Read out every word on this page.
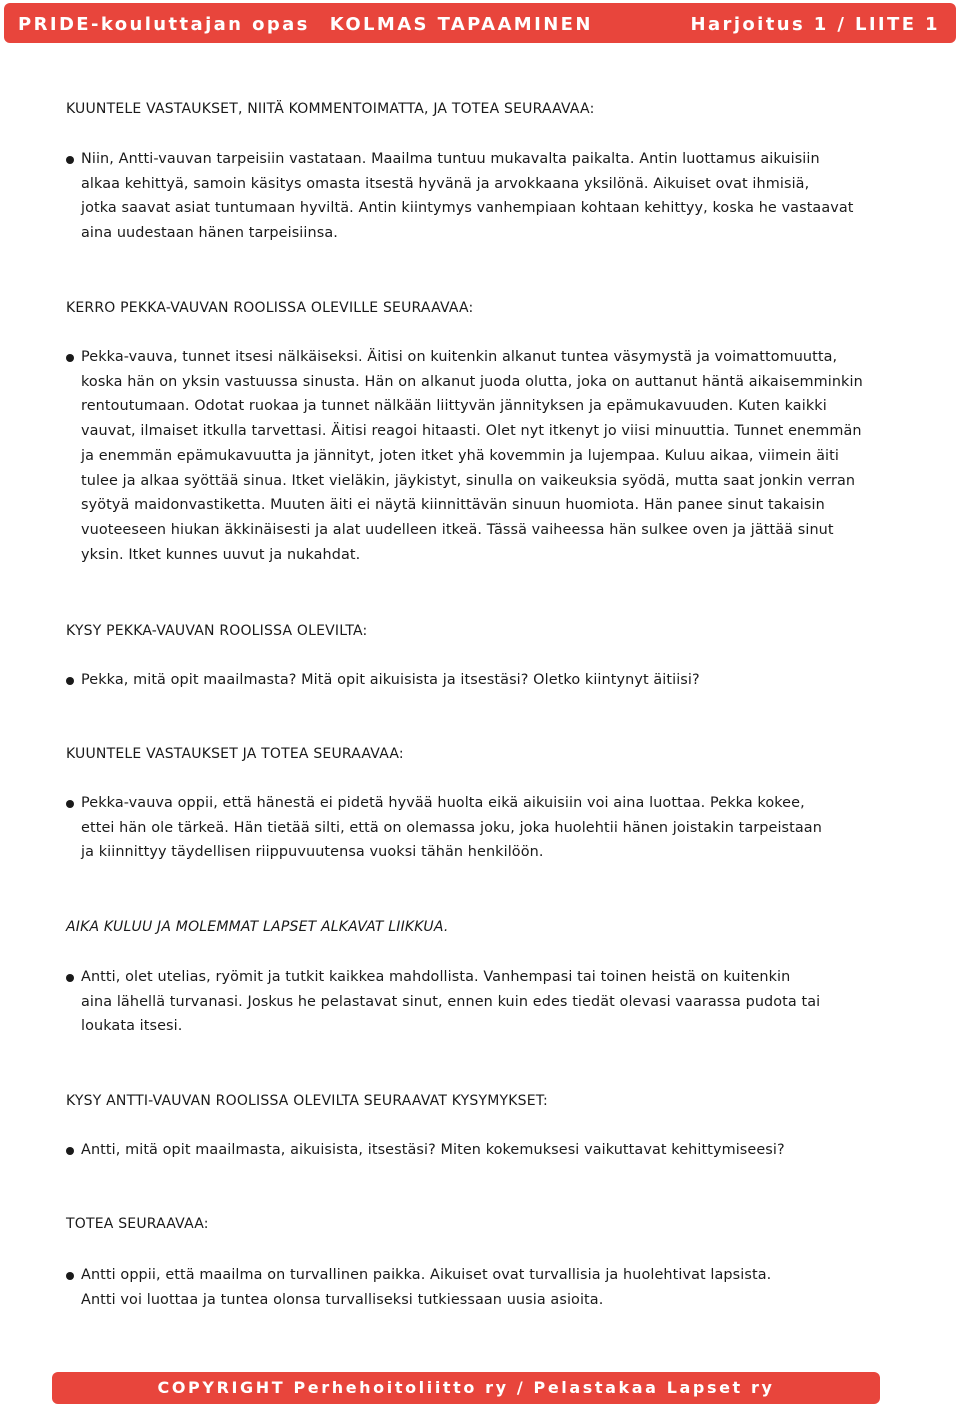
PRIDE-kouluttajan opas KOLMAS TAPAAMINEN	Harjoitus 1 / LIITE 1
KUUNTELE VASTAUKSET, NIITÄ KOMMENTOIMATTA, JA TOTEA SEURAAVAA:
Niin, Antti-vauvan tarpeisiin vastataan. Maailma tuntuu mukavalta paikalta. Antin luottamus aikuisiin
alkaa kehittyä, samoin käsitys omasta itsestä hyvänä ja arvokkaana yksilönä. Aikuiset ovat ihmisiä,
jotka saavat asiat tuntumaan hyviltä. Antin kiintymys vanhempiaan kohtaan kehittyy, koska he vastaavat
aina uudestaan hänen tarpeisiinsa.
KERRO PEKKA-VAUVAN ROOLISSA OLEVILLE SEURAAVAA:
Pekka-vauva, tunnet itsesi nälkäiseksi. Äitisi on kuitenkin alkanut tuntea väsymystä ja voimattomuutta,
koska hän on yksin vastuussa sinusta. Hän on alkanut juoda olutta, joka on auttanut häntä aikaisemminkin
rentoutumaan. Odotat ruokaa ja tunnet nälkään liittyvän jännityksen ja epämukavuuden. Kuten kaikki
vauvat, ilmaiset itkulla tarvettasi. Äitisi reagoi hitaasti. Olet nyt itkenyt jo viisi minuuttia. Tunnet enemmän
ja enemmän epämukavuutta ja jännityt, joten itket yhä kovemmin ja lujempaa. Kuluu aikaa, viimein äiti
tulee ja alkaa syöttää sinua. Itket vieläkin, jäykistyt, sinulla on vaikeuksia syödä, mutta saat jonkin verran
syötyä maidonvastiketta. Muuten äiti ei näytä kiinnittävän sinuun huomiota. Hän panee sinut takaisin
vuoteeseen hiukan äkkinäisesti ja alat uudelleen itkeä. Tässä vaiheessa hän sulkee oven ja jättää sinut
yksin. Itket kunnes uuvut ja nukahdat.
KYSY PEKKA-VAUVAN ROOLISSA OLEVILTA:
Pekka, mitä opit maailmasta? Mitä opit aikuisista ja itsestäsi? Oletko kiintynyt äitiisi?
KUUNTELE VASTAUKSET JA TOTEA SEURAAVAA:
Pekka-vauva oppii, että hänestä ei pidetä hyvää huolta eikä aikuisiin voi aina luottaa. Pekka kokee,
ettei hän ole tärkeä. Hän tietää silti, että on olemassa joku, joka huolehtii hänen joistakin tarpeistaan
ja kiinnittyy täydellisen riippuvuutensa vuoksi tähän henkilöön.
AIKA KULUU JA MOLEMMAT LAPSET ALKAVAT LIIKKUA.
Antti, olet utelias, ryömit ja tutkit kaikkea mahdollista. Vanhempasi tai toinen heistä on kuitenkin
aina lähellä turvanasi. Joskus he pelastavat sinut, ennen kuin edes tiedät olevasi vaarassa pudota tai
loukata itsesi.
KYSY ANTTI-VAUVAN ROOLISSA OLEVILTA SEURAAVAT KYSYMYKSET:
Antti, mitä opit maailmasta, aikuisista, itsestäsi? Miten kokemuksesi vaikuttavat kehittymiseesi?
TOTEA SEURAAVAA:
Antti oppii, että maailma on turvallinen paikka. Aikuiset ovat turvallisia ja huolehtivat lapsista.
Antti voi luottaa ja tuntea olonsa turvalliseksi tutkiessaan uusia asioita.
COPYRIGHT Perhehoitoliitto ry / Pelastakaa Lapset ry
